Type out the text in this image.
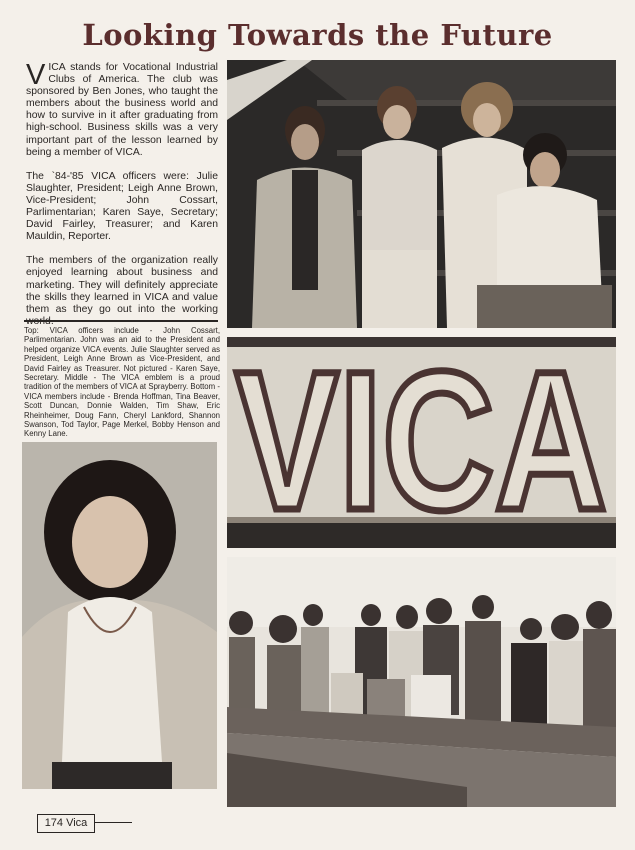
Looking Towards the Future

VICA stands for Vocational Industrial Clubs of America. The club was sponsored by Ben Jones, who taught the members about the business world and how to survive in it after graduating from high-school. Business skills was a very important part of the lesson learned by being a member of VICA.

The `84-'85 VICA officers were: Julie Slaughter, President; Leigh Anne Brown, Vice-President; John Cossart, Parlimentarian; Karen Saye, Secretary; David Fairley, Treasurer; and Karen Mauldin, Reporter.

The members of the organization really enjoyed learning about business and marketing. They will definitely appreciate the skills they learned in VICA and value them as they go out into the working world.

Top: VICA officers include - John Cossart, Parlimentarian. John was an aid to the President and helped organize VICA events. Julie Slaughter served as President, Leigh Anne Brown as Vice-President, and David Fairley as Treasurer. Not pictured - Karen Saye, Secretary. Middle - The VICA emblem is a proud tradition of the members of VICA at Sprayberry. Bottom - VICA members include - Brenda Hoffman, Tina Beaver, Scott Duncan, Donnie Walden, Tim Shaw, Eric Rheinheimer, Doug Fann, Cheryl Lankford, Shannon Swanson, Tod Taylor, Page Merkel, Bobby Henson and Kenny Lane. VICA
174 Vica
